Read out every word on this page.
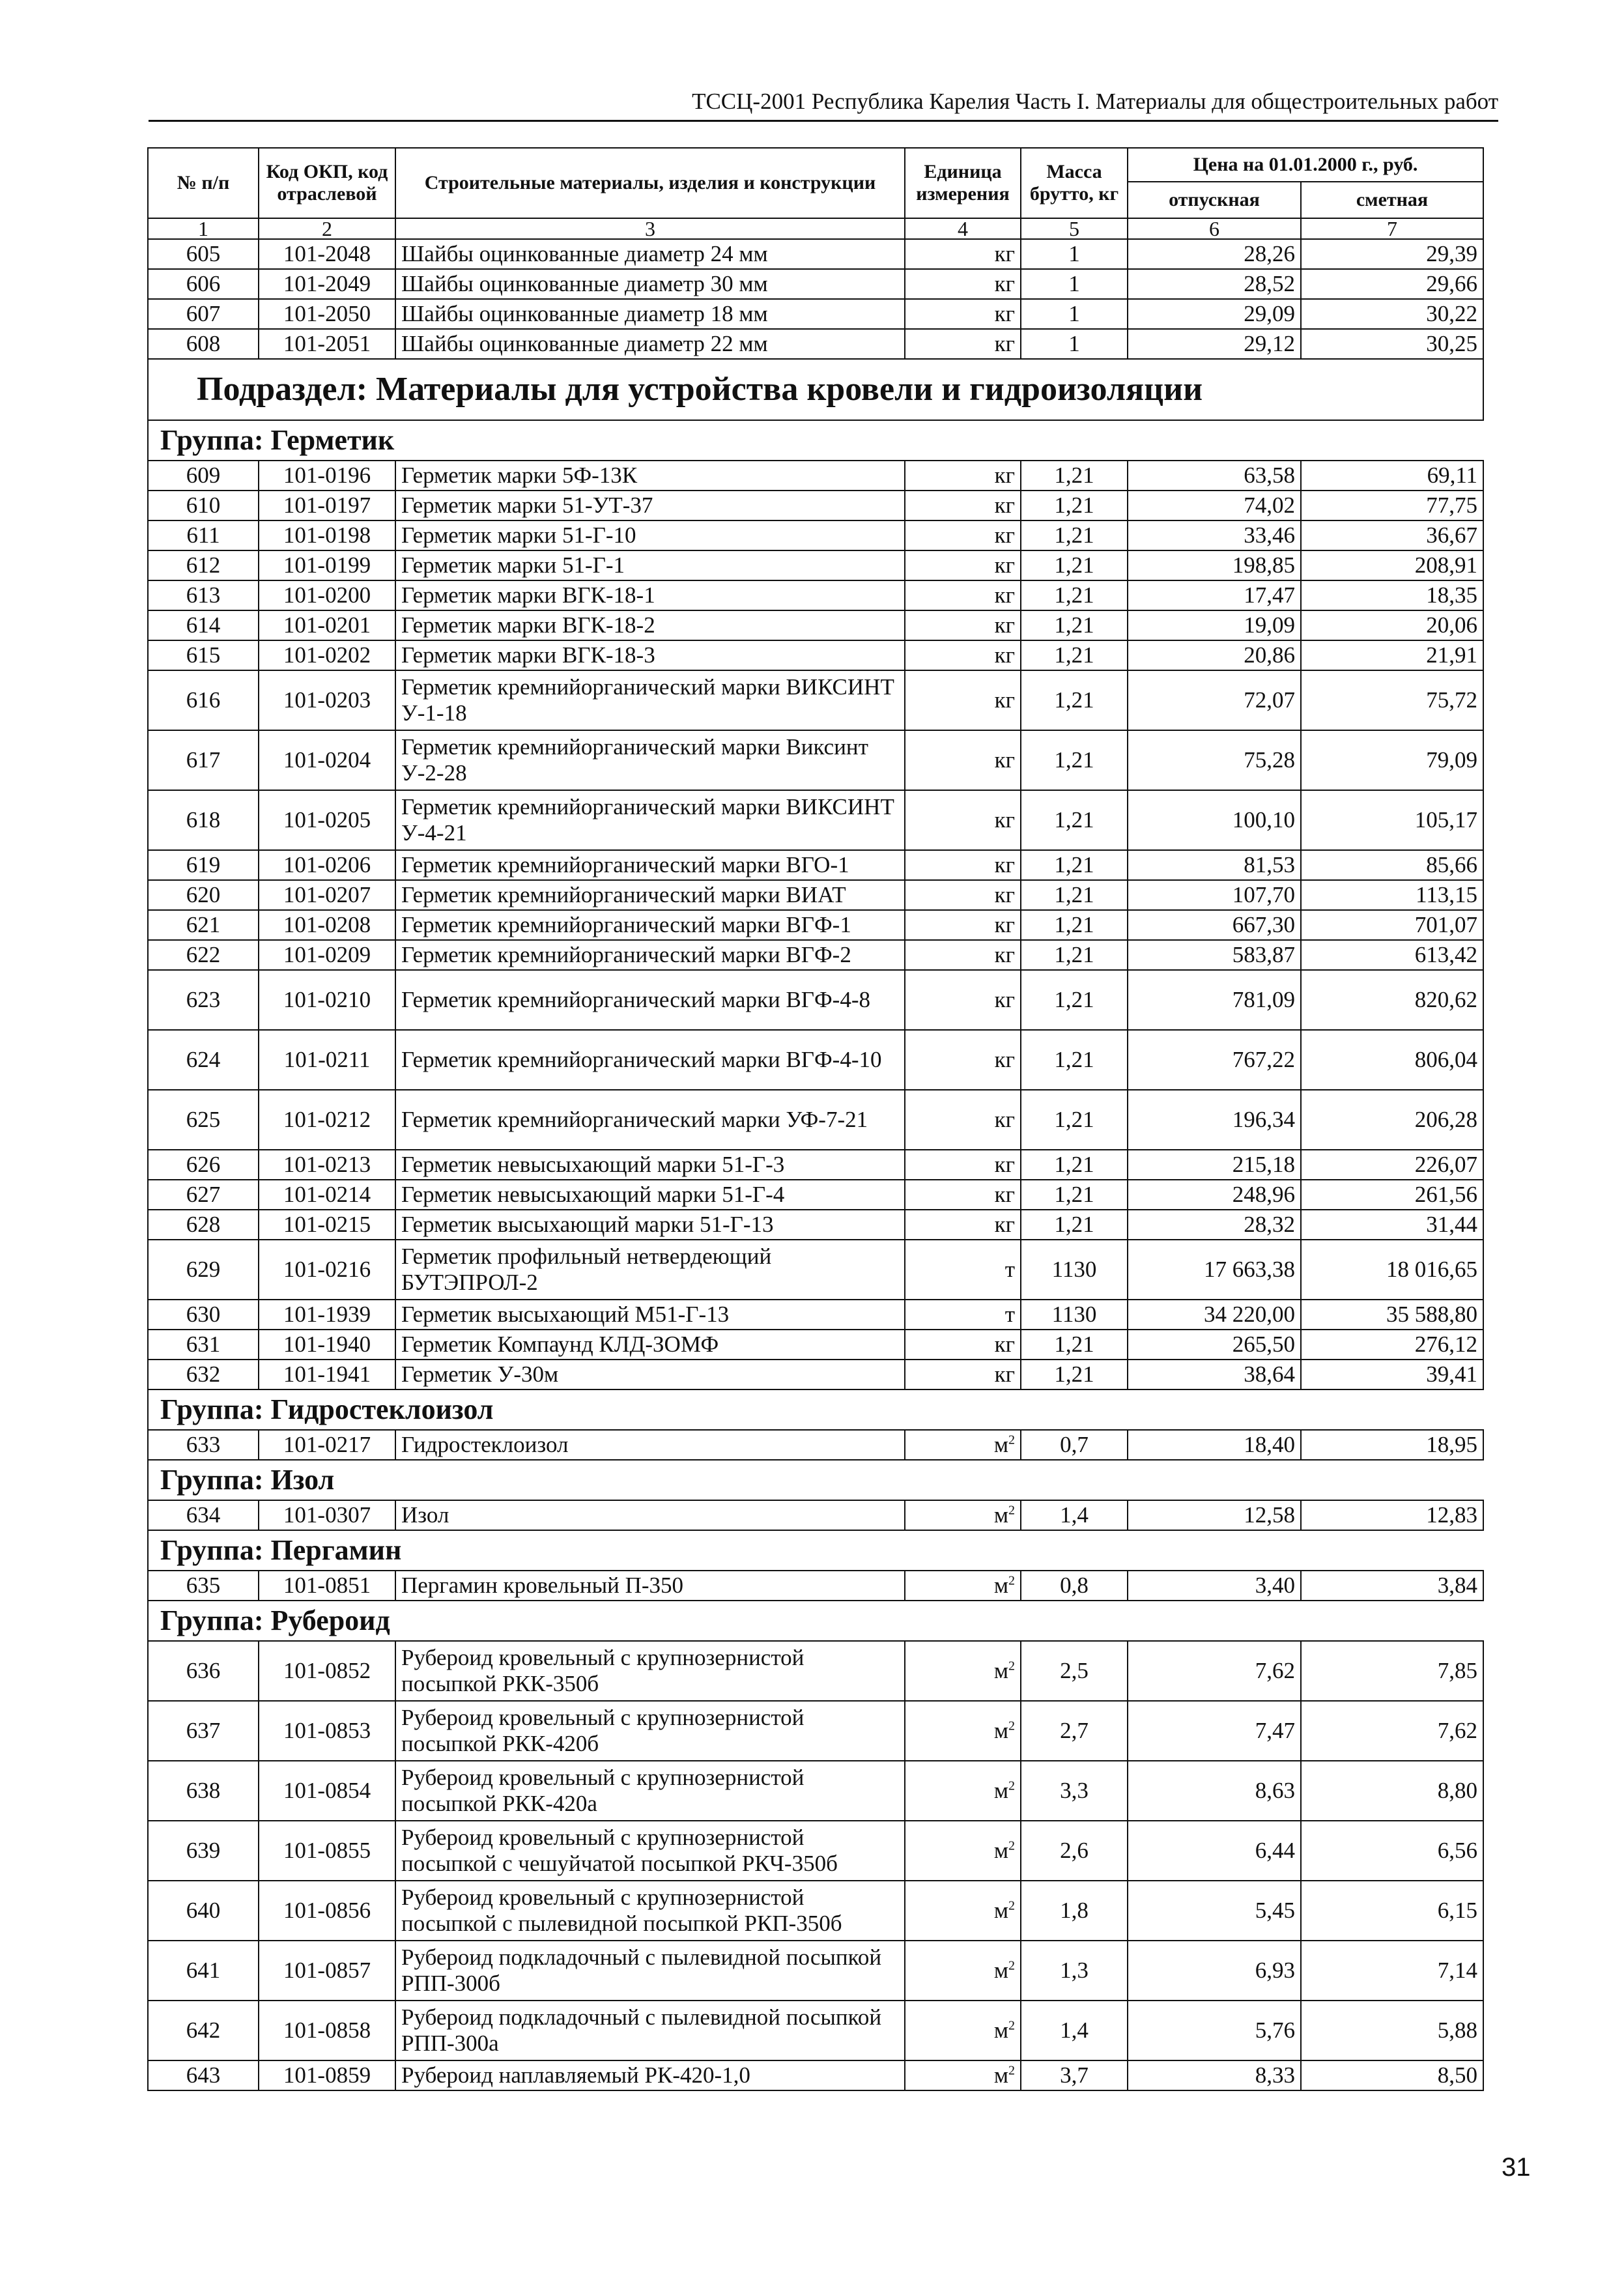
ТССЦ-2001 Республика Карелия Часть I. Материалы для общестроительных работ
№ п/п	Код ОКП, код отраслевой	Строительные материалы, изделия и конструкции	Единица измерения	Масса брутто, кг	Цена на 01.01.2000 г., руб.	
					отпускная	сметная
1	2	3	4	5	6	7
605	101-2048	Шайбы оцинкованные диаметр 24 мм	кг	1	28,26	29,39
606	101-2049	Шайбы оцинкованные диаметр 30 мм	кг	1	28,52	29,66
607	101-2050	Шайбы оцинкованные диаметр 18 мм	кг	1	29,09	30,22
608	101-2051	Шайбы оцинкованные диаметр 22 мм	кг	1	29,12	30,25
Подраздел: Материалы для устройства кровели и гидроизоляции						
Группа: Герметик						
609	101-0196	Герметик марки 5Ф-13К	кг	1,21	63,58	69,11
610	101-0197	Герметик марки 51-УТ-37	кг	1,21	74,02	77,75
611	101-0198	Герметик марки 51-Г-10	кг	1,21	33,46	36,67
612	101-0199	Герметик марки 51-Г-1	кг	1,21	198,85	208,91
613	101-0200	Герметик марки ВГК-18-1	кг	1,21	17,47	18,35
614	101-0201	Герметик марки ВГК-18-2	кг	1,21	19,09	20,06
615	101-0202	Герметик марки ВГК-18-3	кг	1,21	20,86	21,91
616	101-0203	Герметик кремнийорганический марки ВИКСИНТ У-1-18	кг	1,21	72,07	75,72
617	101-0204	Герметик кремнийорганический марки Виксинт У-2-28	кг	1,21	75,28	79,09
618	101-0205	Герметик кремнийорганический марки ВИКСИНТ У-4-21	кг	1,21	100,10	105,17
619	101-0206	Герметик кремнийорганический марки ВГО-1	кг	1,21	81,53	85,66
620	101-0207	Герметик кремнийорганический марки ВИАТ	кг	1,21	107,70	113,15
621	101-0208	Герметик кремнийорганический марки ВГФ-1	кг	1,21	667,30	701,07
622	101-0209	Герметик кремнийорганический марки ВГФ-2	кг	1,21	583,87	613,42
623	101-0210	Герметик кремнийорганический марки ВГФ-4-8	кг	1,21	781,09	820,62
624	101-0211	Герметик кремнийорганический марки ВГФ-4-10	кг	1,21	767,22	806,04
625	101-0212	Герметик кремнийорганический марки УФ-7-21	кг	1,21	196,34	206,28
626	101-0213	Герметик невысыхающий марки 51-Г-3	кг	1,21	215,18	226,07
627	101-0214	Герметик невысыхающий марки 51-Г-4	кг	1,21	248,96	261,56
628	101-0215	Герметик высыхающий марки 51-Г-13	кг	1,21	28,32	31,44
629	101-0216	Герметик профильный нетвердеющий БУТЭПРОЛ-2	т	1130	17 663,38	18 016,65
630	101-1939	Герметик высыхающий М51-Г-13	т	1130	34 220,00	35 588,80
631	101-1940	Герметик Компаунд КЛД-ЗОМФ	кг	1,21	265,50	276,12
632	101-1941	Герметик У-30м	кг	1,21	38,64	39,41
Группа: Гидростеклоизол						
633	101-0217	Гидростеклоизол	$м^2$	0,7	18,40	18,95
Группа: Изол						
634	101-0307	Изол	$м^2$	1,4	12,58	12,83
Группа: Пергамин						
635	101-0851	Пергамин кровельный П-350	$м^2$	0,8	3,40	3,84
Группа: Рубероид						
636	101-0852	Рубероид кровельный с крупнозернистой посыпкой РКК-350б	$м^2$	2,5	7,62	7,85
637	101-0853	Рубероид кровельный с крупнозернистой посыпкой РКК-420б	$м^2$	2,7	7,47	7,62
638	101-0854	Рубероид кровельный с крупнозернистой посыпкой РКК-420а	$м^2$	3,3	8,63	8,80
639	101-0855	Рубероид кровельный с крупнозернистой посыпкой с чешуйчатой посыпкой РКЧ-350б	$м^2$	2,6	6,44	6,56
640	101-0856	Рубероид кровельный с крупнозернистой посыпкой с пылевидной посыпкой РКП-350б	$м^2$	1,8	5,45	6,15
641	101-0857	Рубероид подкладочный с пылевидной посыпкой РПП-300б	$м^2$	1,3	6,93	7,14
642	101-0858	Рубероид подкладочный с пылевидной посыпкой РПП-300а	$м^2$	1,4	5,76	5,88
643	101-0859	Рубероид наплавляемый РК-420-1,0	$м^2$	3,7	8,33	8,50
31
